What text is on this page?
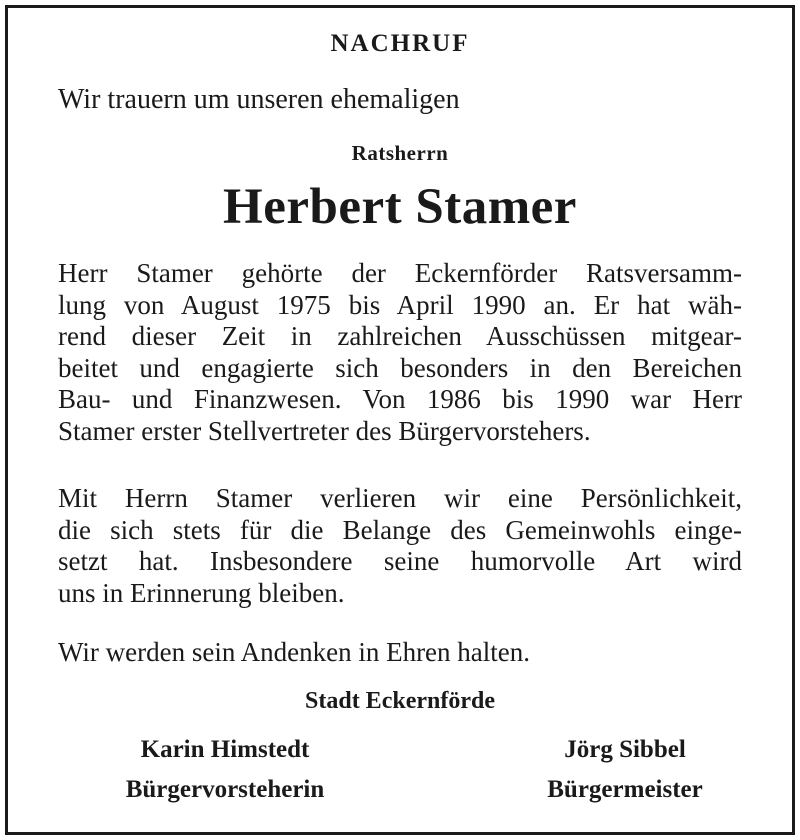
NACHRUF
Wir trauern um unseren ehemaligen
Ratsherrn
Herbert Stamer
Herr Stamer gehörte der Eckernförder Ratsversamm-
lung von August 1975 bis April 1990 an. Er hat wäh-
rend dieser Zeit in zahlreichen Ausschüssen mitgear-
beitet und engagierte sich besonders in den Bereichen
Bau- und Finanzwesen. Von 1986 bis 1990 war Herr
Stamer erster Stellvertreter des Bürgervorstehers.
Mit Herrn Stamer verlieren wir eine Persönlichkeit,
die sich stets für die Belange des Gemeinwohls einge-
setzt hat. Insbesondere seine humorvolle Art wird
uns in Erinnerung bleiben.
Wir werden sein Andenken in Ehren halten.
Stadt Eckernförde
Karin Himstedt
Bürgervorsteherin
Jörg Sibbel
Bürgermeister
